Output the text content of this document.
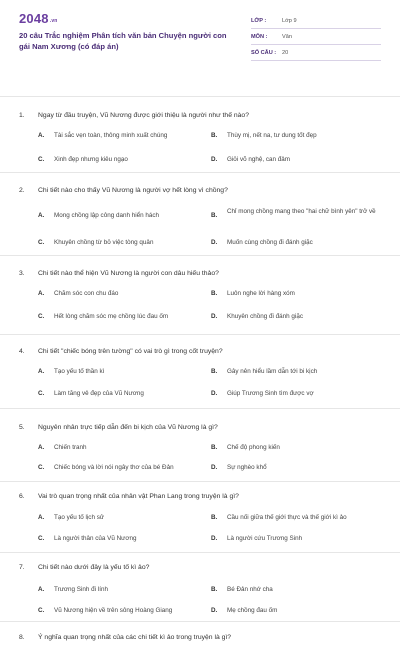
2048.vn
20 câu Trắc nghiệm Phân tích văn bản Chuyện người con gái Nam Xương (có đáp án)
LỚP :	Lớp 9
MÔN :	Văn
SỐ CÂU :	20
1. Ngay từ đầu truyện, Vũ Nương được giới thiệu là người như thế nào?
A. Tài sắc vẹn toàn, thông minh xuất chúng	B. Thùy mị, nết na, tư dung tốt đẹp
C. Xinh đẹp nhưng kiêu ngạo	D. Giỏi võ nghệ, can đảm
2. Chi tiết nào cho thấy Vũ Nương là người vợ hết lòng vì chồng?
A. Mong chồng lập công danh hiển hách	B.
Chỉ mong chồng mang theo "hai chữ bình yên" trở về
C. Khuyên chồng từ bỏ việc tòng quân	D. Muốn cùng chồng đi đánh giặc
3. Chi tiết nào thể hiện Vũ Nương là người con dâu hiếu thảo?
A. Chăm sóc con chu đáo	B. Luôn nghe lời hàng xóm
C. Hết lòng chăm sóc mẹ chồng lúc đau ốm	D. Khuyên chồng đi đánh giặc
4. Chi tiết "chiếc bóng trên tường" có vai trò gì trong cốt truyện?
A. Tạo yếu tố thần kì	B. Gây nên hiểu lầm dẫn tới bi kịch
C. Làm tăng vẻ đẹp của Vũ Nương	D. Giúp Trương Sinh tìm được vợ
5. Nguyên nhân trực tiếp dẫn đến bi kịch của Vũ Nương là gì?
A. Chiến tranh	B. Chế độ phong kiến
C. Chiếc bóng và lời nói ngây thơ của bé Đản	D. Sự nghèo khổ
6. Vai trò quan trọng nhất của nhân vật Phan Lang trong truyện là gì?
A. Tạo yếu tố lịch sử	B. Cầu nối giữa thế giới thực và thế giới kì ảo
C. Là người thân của Vũ Nương	D. Là người cứu Trương Sinh
7. Chi tiết nào dưới đây là yếu tố kì ảo?
A. Trương Sinh đi lính	B. Bé Đản nhớ cha
C. Vũ Nương hiện về trên sông Hoàng Giang	D. Mẹ chồng đau ốm
8. Ý nghĩa quan trọng nhất của các chi tiết kì ảo trong truyện là gì?
